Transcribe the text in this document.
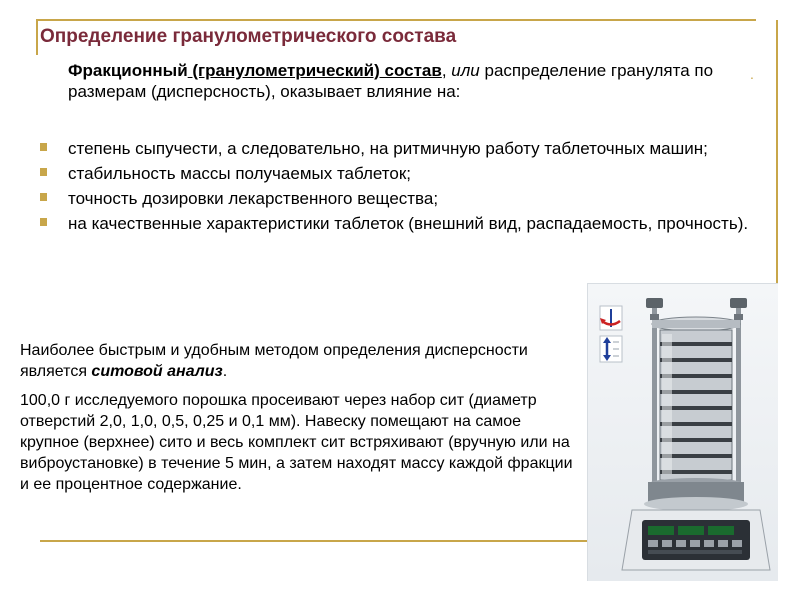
Определение гранулометрического состава
Фракционный (гранулометрический) состав, или распределение гранулята по размерам (дисперсность), оказывает влияние на:
.
степень сыпучести, а следовательно, на ритмичную работу таблеточных машин;
стабильность массы получаемых таблеток;
точность дозировки лекарственного вещества;
на качественные характеристики таблеток (внешний вид, распадаемость, прочность).
Наиболее быстрым и удобным методом определения дисперсности является ситовой анализ.
100,0 г исследуемого порошка просеивают через набор сит (диаметр отверстий 2,0, 1,0, 0,5, 0,25 и 0,1 мм). Навеску помещают на самое крупное (верхнее) сито и весь комплект сит встряхивают (вручную или на виброустановке) в течение 5 мин, а затем находят массу каждой фракции и ее процентное содержание.
